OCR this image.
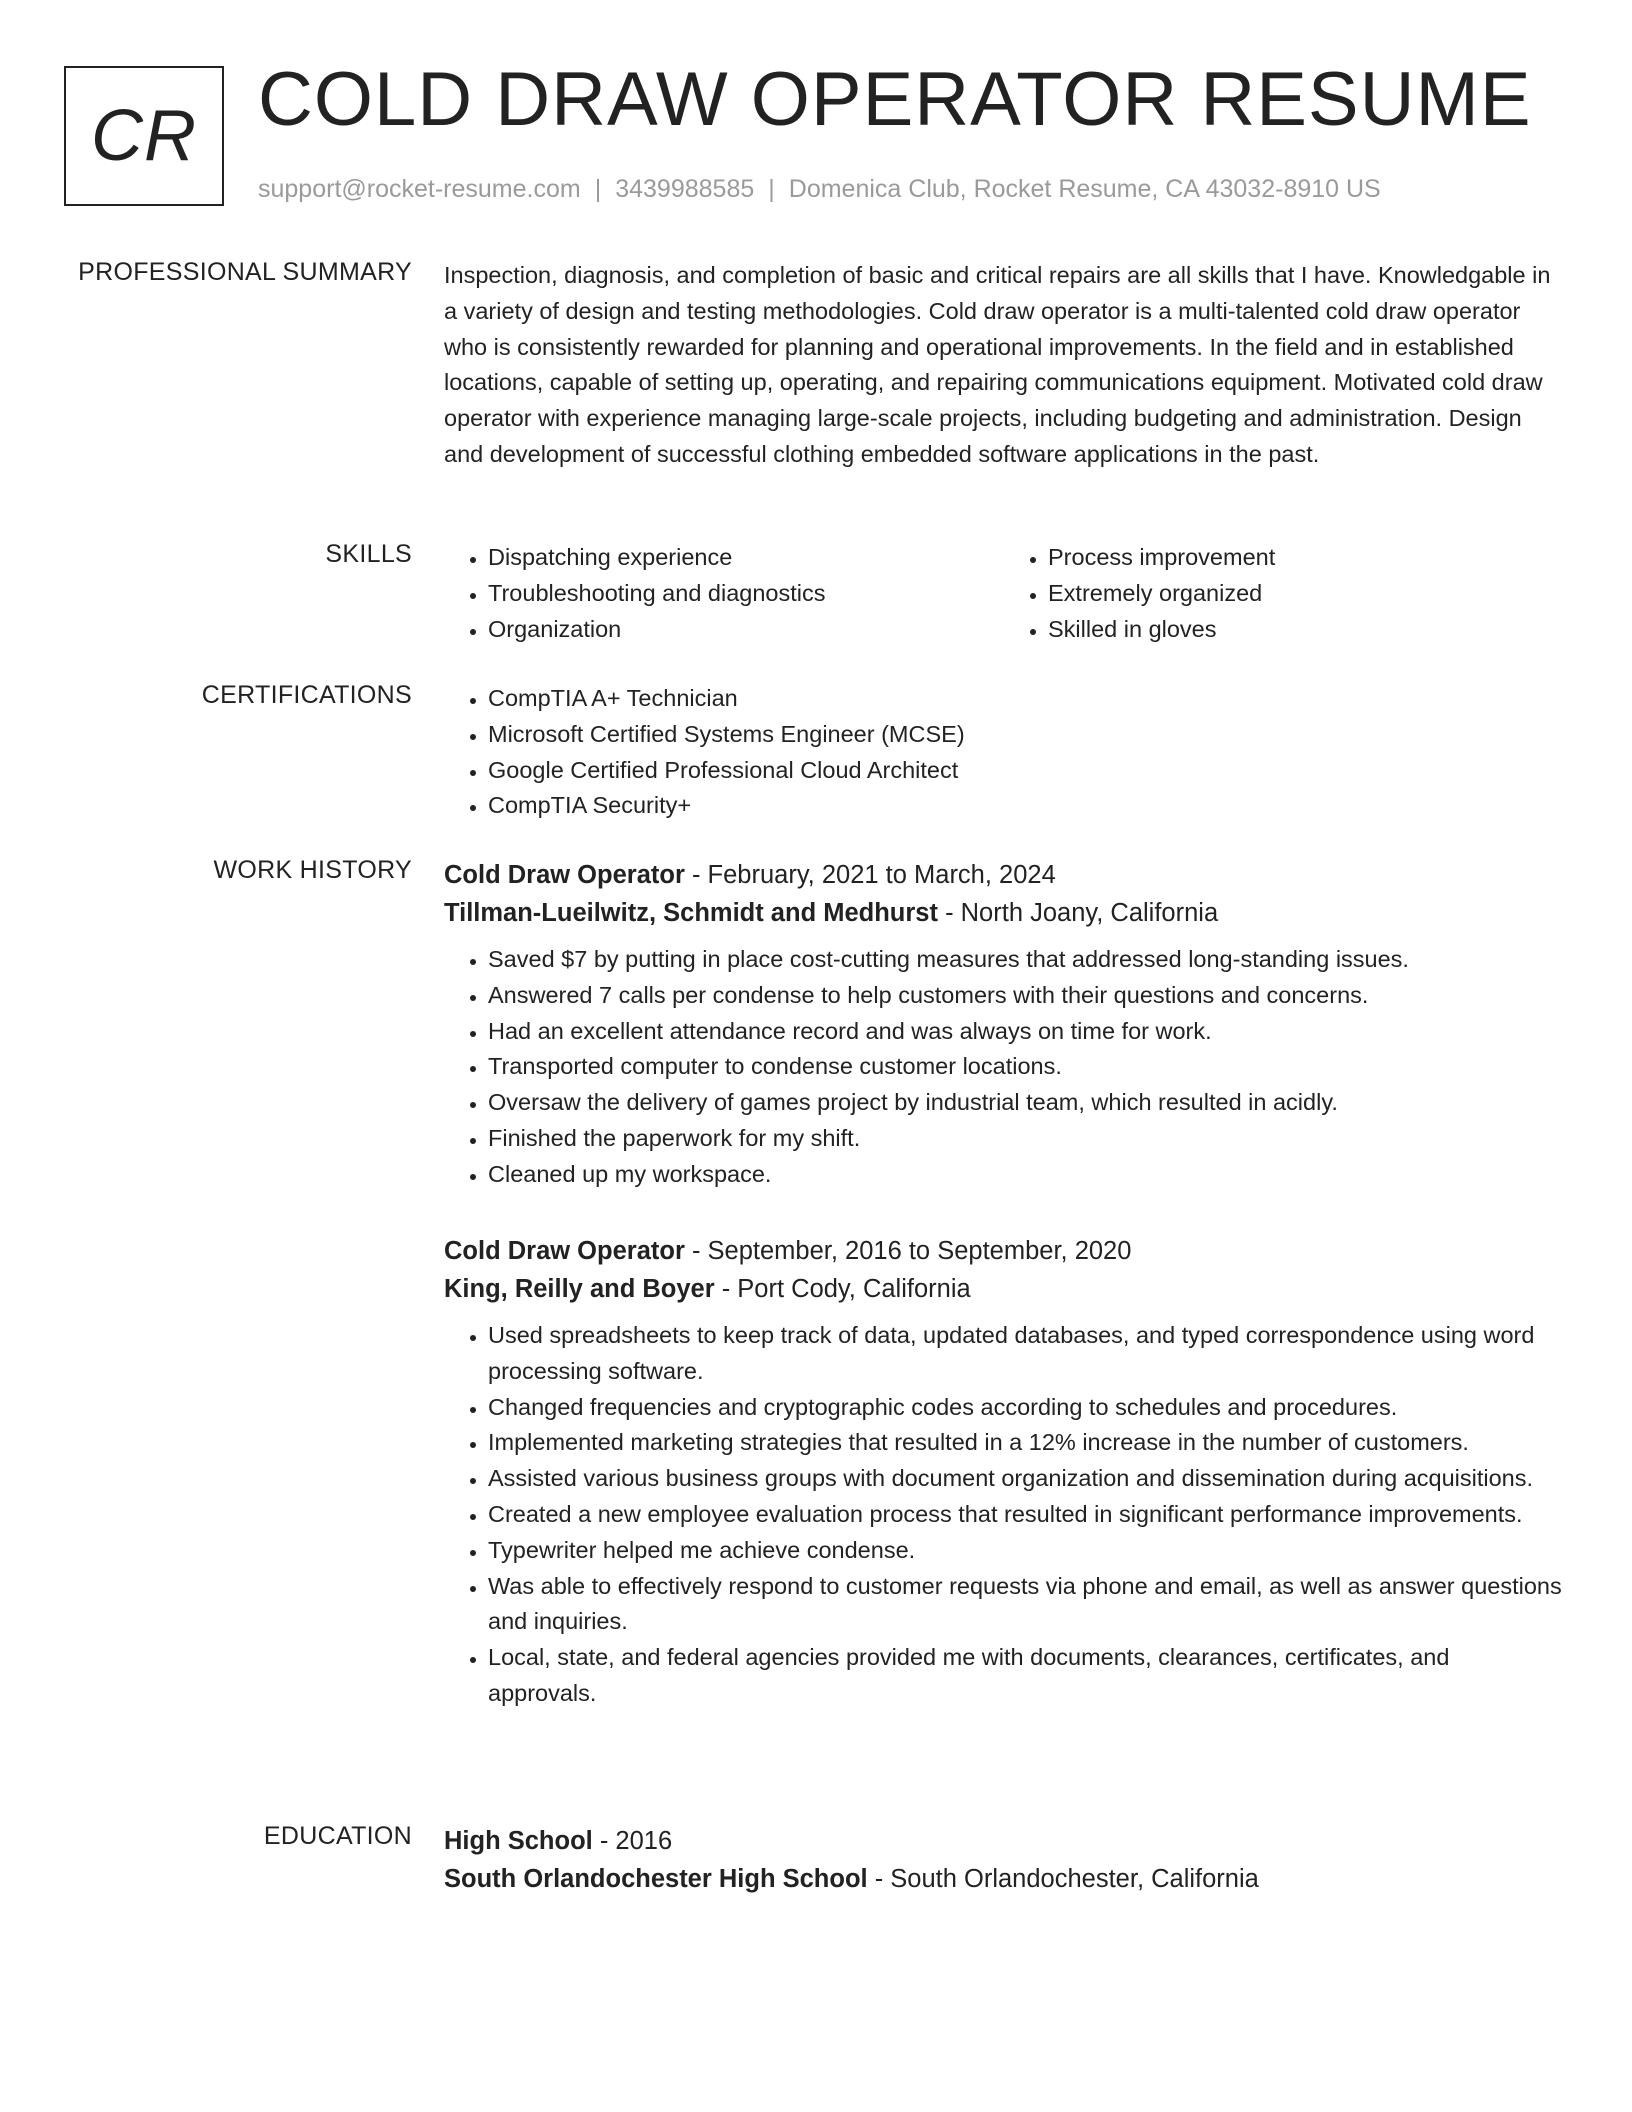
CR COLD DRAW OPERATOR RESUME
support@rocket-resume.com | 3439988585 | Domenica Club, Rocket Resume, CA 43032-8910 US
PROFESSIONAL SUMMARY Inspection, diagnosis, and completion of basic and critical repairs are all skills that I have. Knowledgable in a variety of design and testing methodologies. Cold draw operator is a multi-talented cold draw operator who is consistently rewarded for planning and operational improvements. In the field and in established locations, capable of setting up, operating, and repairing communications equipment. Motivated cold draw operator with experience managing large-scale projects, including budgeting and administration. Design and development of successful clothing embedded software applications in the past.

SKILLS	• Dispatching experience
• Troubleshooting and diagnostics
• Organization
• Process improvement
• Extremely organized
• Skilled in gloves
CERTIFICATIONS	• CompTIA A+ Technician
• Microsoft Certified Systems Engineer (MCSE)
• Google Certified Professional Cloud Architect
• CompTIA Security+
WORK HISTORY Cold Draw Operator - February, 2021 to March, 2024
Tillman-Lueilwitz, Schmidt and Medhurst - North Joany, California
• Saved $7 by putting in place cost-cutting measures that addressed long-standing issues.
• Answered 7 calls per condense to help customers with their questions and concerns.
• Had an excellent attendance record and was always on time for work.
• Transported computer to condense customer locations.
• Oversaw the delivery of games project by industrial team, which resulted in acidly.
• Finished the paperwork for my shift.
• Cleaned up my workspace.
Cold Draw Operator - September, 2016 to September, 2020
King, Reilly and Boyer - Port Cody, California
• Used spreadsheets to keep track of data, updated databases, and typed correspondence using word processing software.
• Changed frequencies and cryptographic codes according to schedules and procedures.
• Implemented marketing strategies that resulted in a 12% increase in the number of customers.
• Assisted various business groups with document organization and dissemination during acquisitions.
• Created a new employee evaluation process that resulted in significant performance improvements.
• Typewriter helped me achieve condense.
• Was able to effectively respond to customer requests via phone and email, as well as answer questions and inquiries.
• Local, state, and federal agencies provided me with documents, clearances, certificates, and approvals.
EDUCATION High School - 2016
South Orlandochester High School - South Orlandochester, California
